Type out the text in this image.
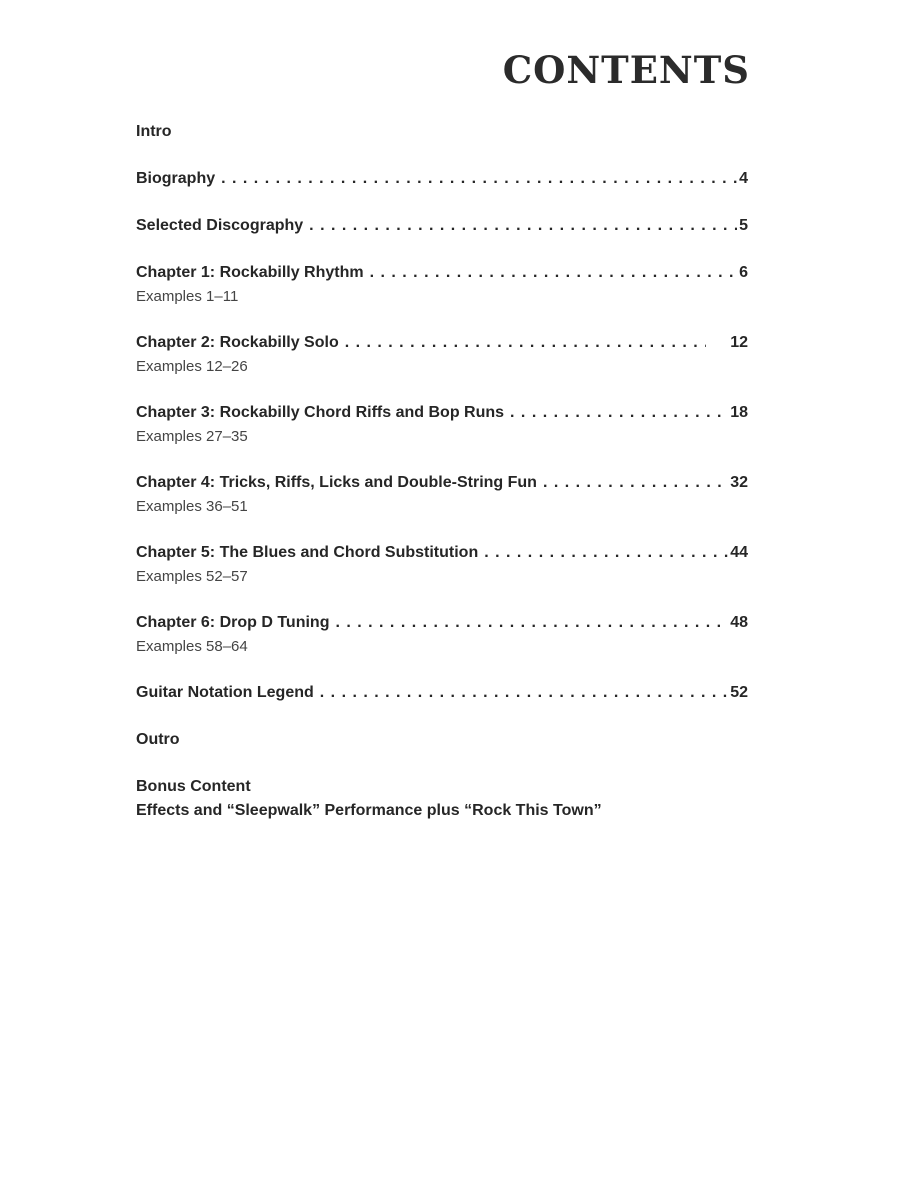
CONTENTS
Intro
Biography . . .	4
Selected Discography . . .	5
Chapter 1: Rockabilly Rhythm . . .	6
Examples 1–11
Chapter 2: Rockabilly Solo . . .	12
Examples 12–26
Chapter 3: Rockabilly Chord Riffs and Bop Runs . . .	18
Examples 27–35
Chapter 4: Tricks, Riffs, Licks and Double-String Fun . . .	32
Examples 36–51
Chapter 5: The Blues and Chord Substitution . . .	44
Examples 52–57
Chapter 6: Drop D Tuning . . .	48
Examples 58–64
Guitar Notation Legend . . .	52
Outro
Bonus Content
Effects and “Sleepwalk” Performance plus “Rock This Town”
